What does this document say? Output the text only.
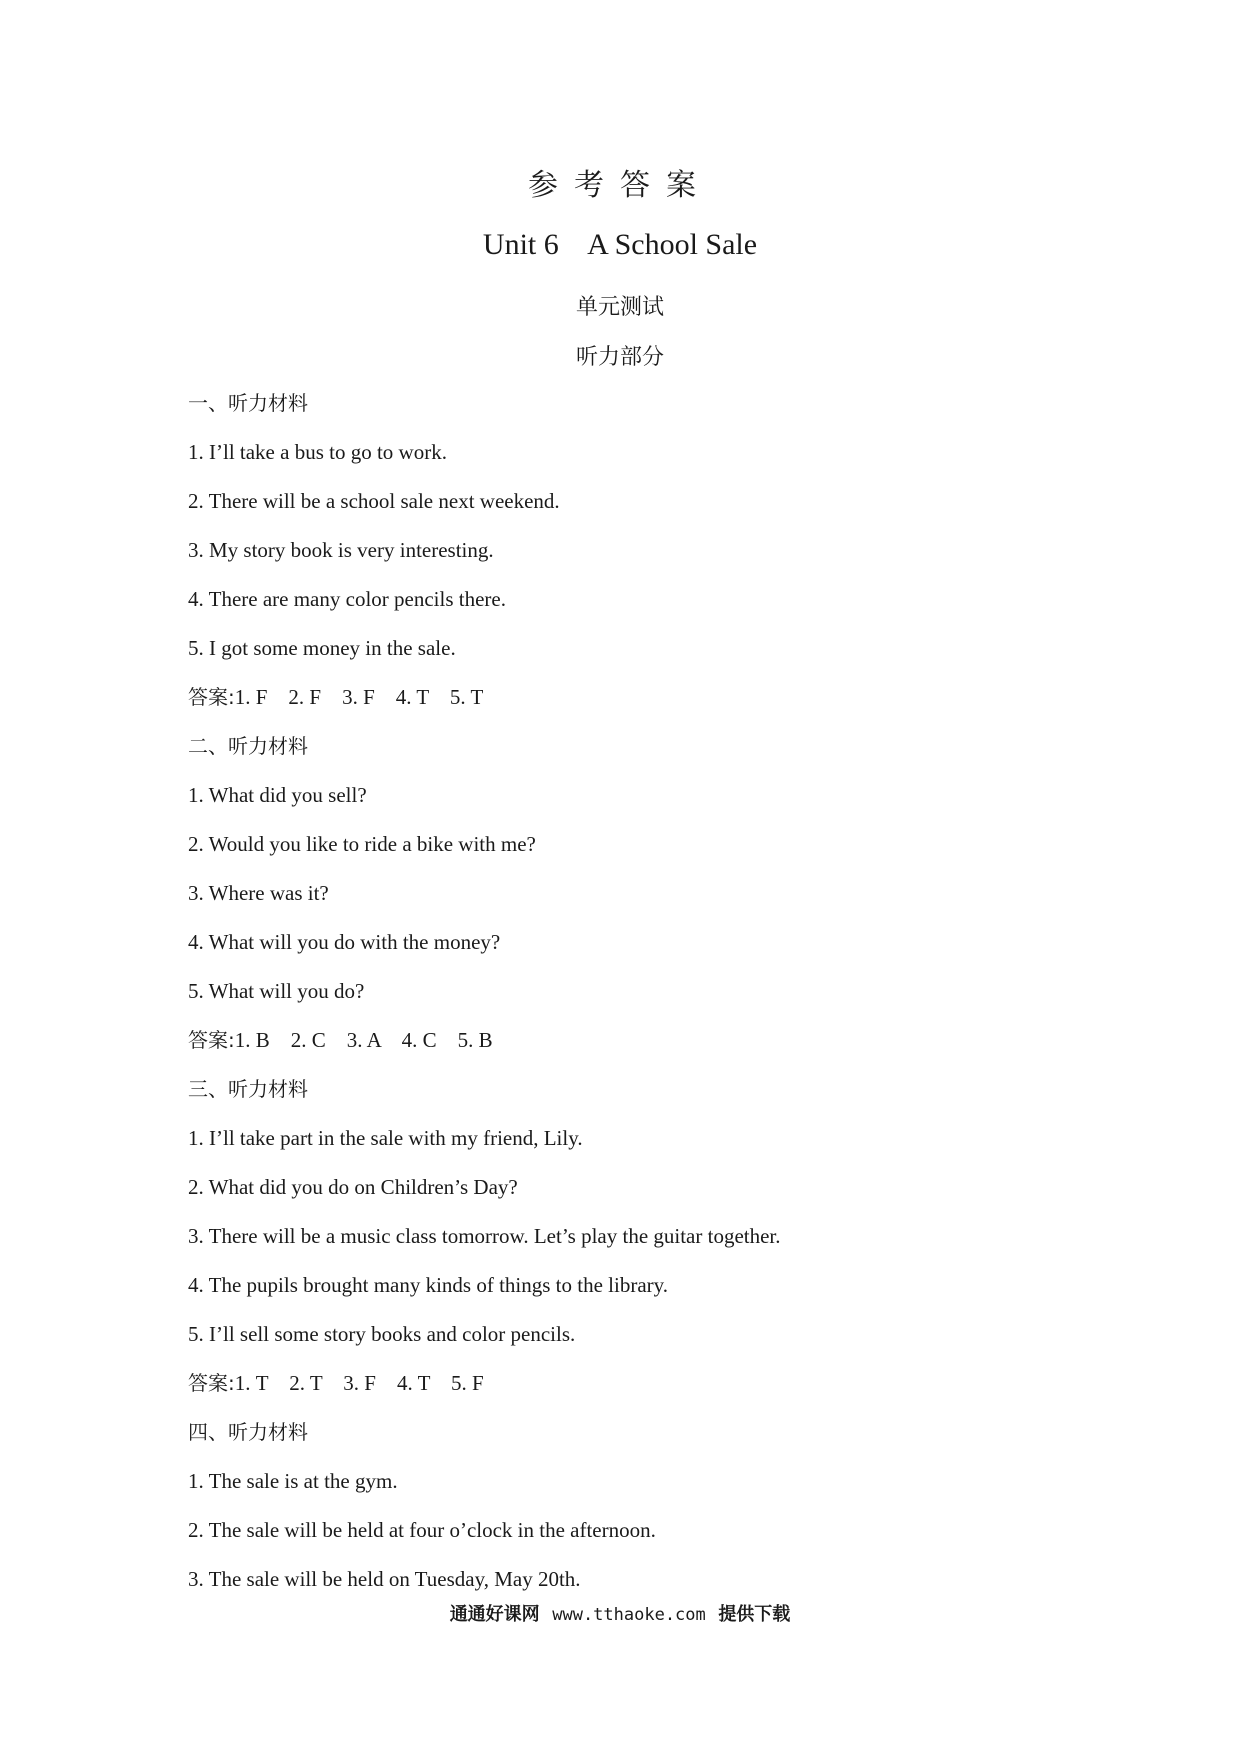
参考答案
Unit 6    A School Sale
单元测试
听力部分
一、听力材料
1. I’ll take a bus to go to work.
2. There will be a school sale next weekend.
3. My story book is very interesting.
4. There are many color pencils there.
5. I got some money in the sale.
答案:1. F    2. F    3. F    4. T    5. T
二、听力材料
1. What did you sell?
2. Would you like to ride a bike with me?
3. Where was it?
4. What will you do with the money?
5. What will you do?
答案:1. B    2. C    3. A    4. C    5. B
三、听力材料
1. I’ll take part in the sale with my friend, Lily.
2. What did you do on Children’s Day?
3. There will be a music class tomorrow. Let’s play the guitar together.
4. The pupils brought many kinds of things to the library.
5. I’ll sell some story books and color pencils.
答案:1. T    2. T    3. F    4. T    5. F
四、听力材料
1. The sale is at the gym.
2. The sale will be held at four o’clock in the afternoon.
3. The sale will be held on Tuesday, May 20th.
通通好课网 www.tthaoke.com 提供下载
